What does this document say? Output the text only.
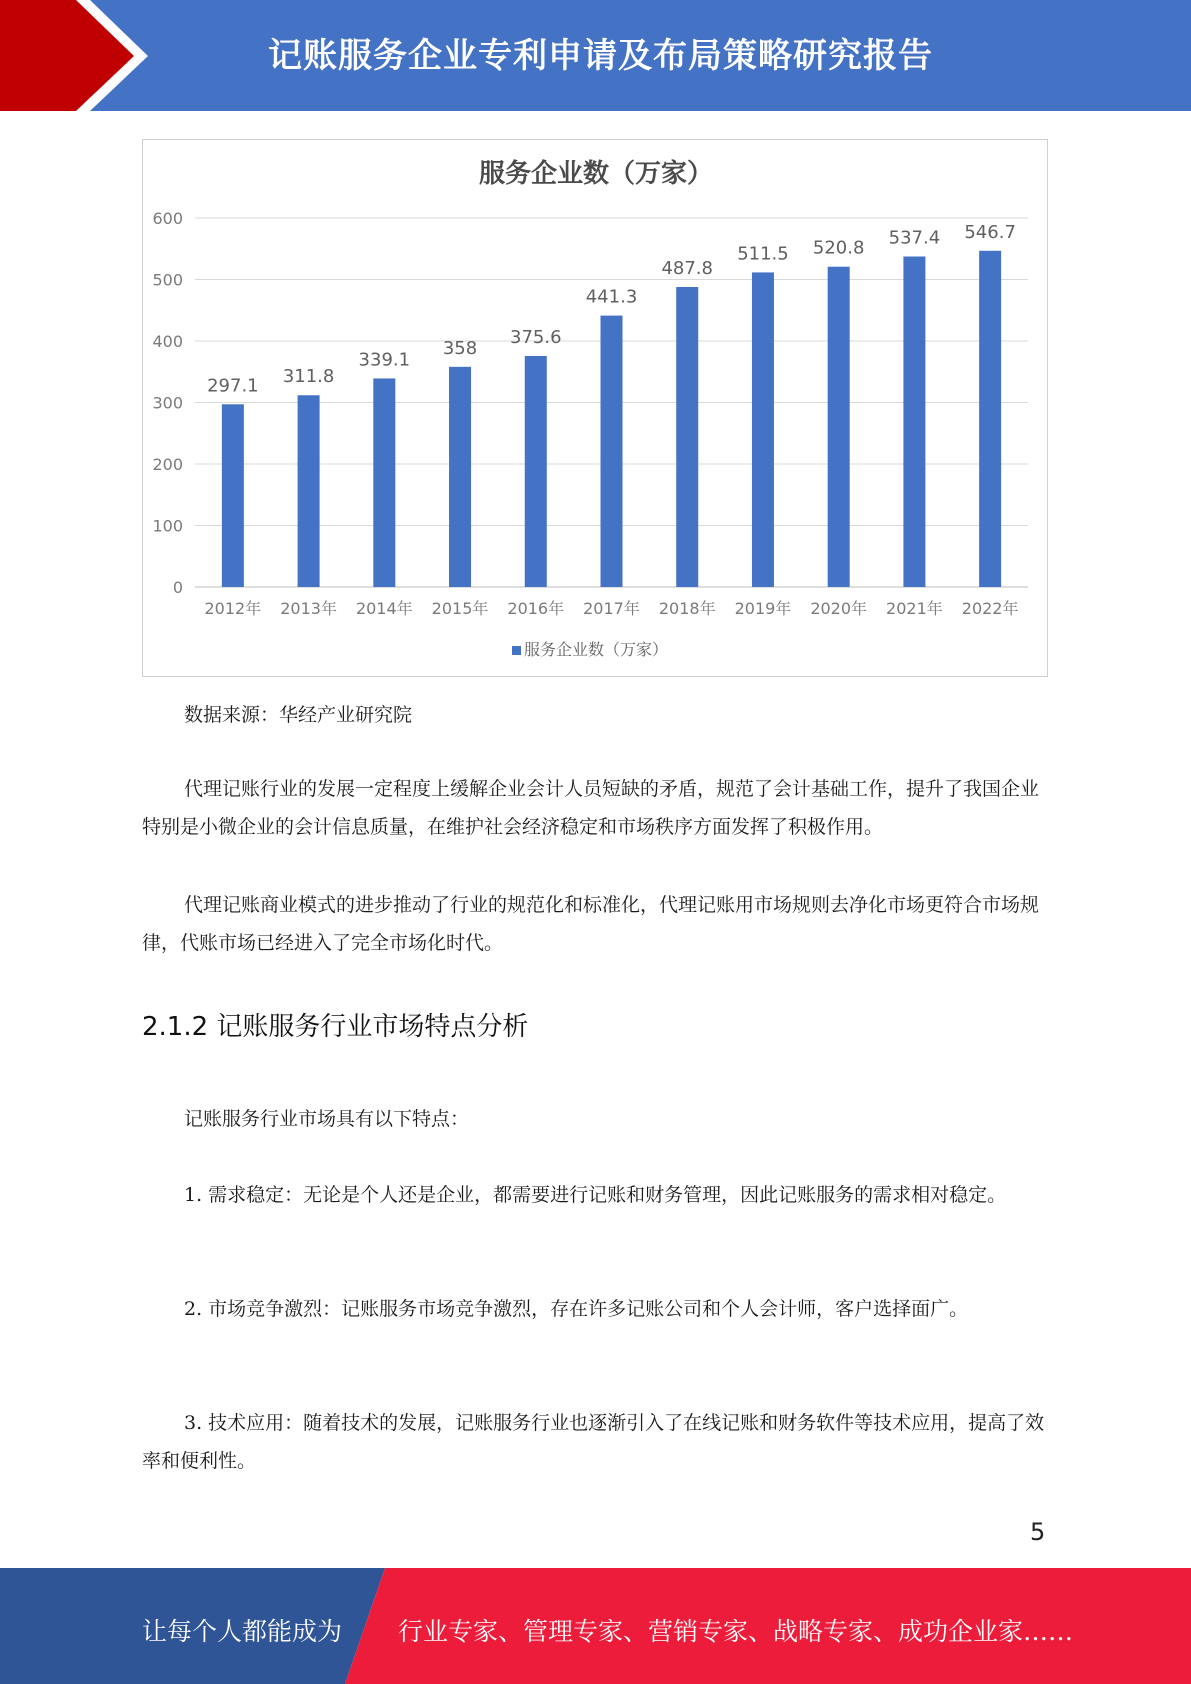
记账服务企业专利申请及布局策略研究报告
服务企业数（万家）
0
100
200
300
400
500
600
297.1
2012年
311.8
2013年
339.1
2014年
358
2015年
375.6
2016年
441.3
2017年
487.8
2018年
511.5
2019年
520.8
2020年
537.4
2021年
546.7
2022年
服务企业数（万家）

数据来源：华经产业研究院

代理记账行业的发展一定程度上缓解企业会计人员短缺的矛盾，规范了会计基础工作，提升了我国企业特别是小微企业的会计信息质量，在维护社会经济稳定和市场秩序方面发挥了积极作用。

代理记账商业模式的进步推动了行业的规范化和标准化，代理记账用市场规则去净化市场更符合市场规律，代账市场已经进入了完全市场化时代。

2.1.2 记账服务行业市场特点分析

记账服务行业市场具有以下特点：

1. 需求稳定：无论是个人还是企业，都需要进行记账和财务管理，因此记账服务的需求相对稳定。

2. 市场竞争激烈：记账服务市场竞争激烈，存在许多记账公司和个人会计师，客户选择面广。

3. 技术应用：随着技术的发展，记账服务行业也逐渐引入了在线记账和财务软件等技术应用，提高了效率和便利性。

5
让每个人都能成为 行业专家、管理专家、营销专家、战略专家、成功企业家……
